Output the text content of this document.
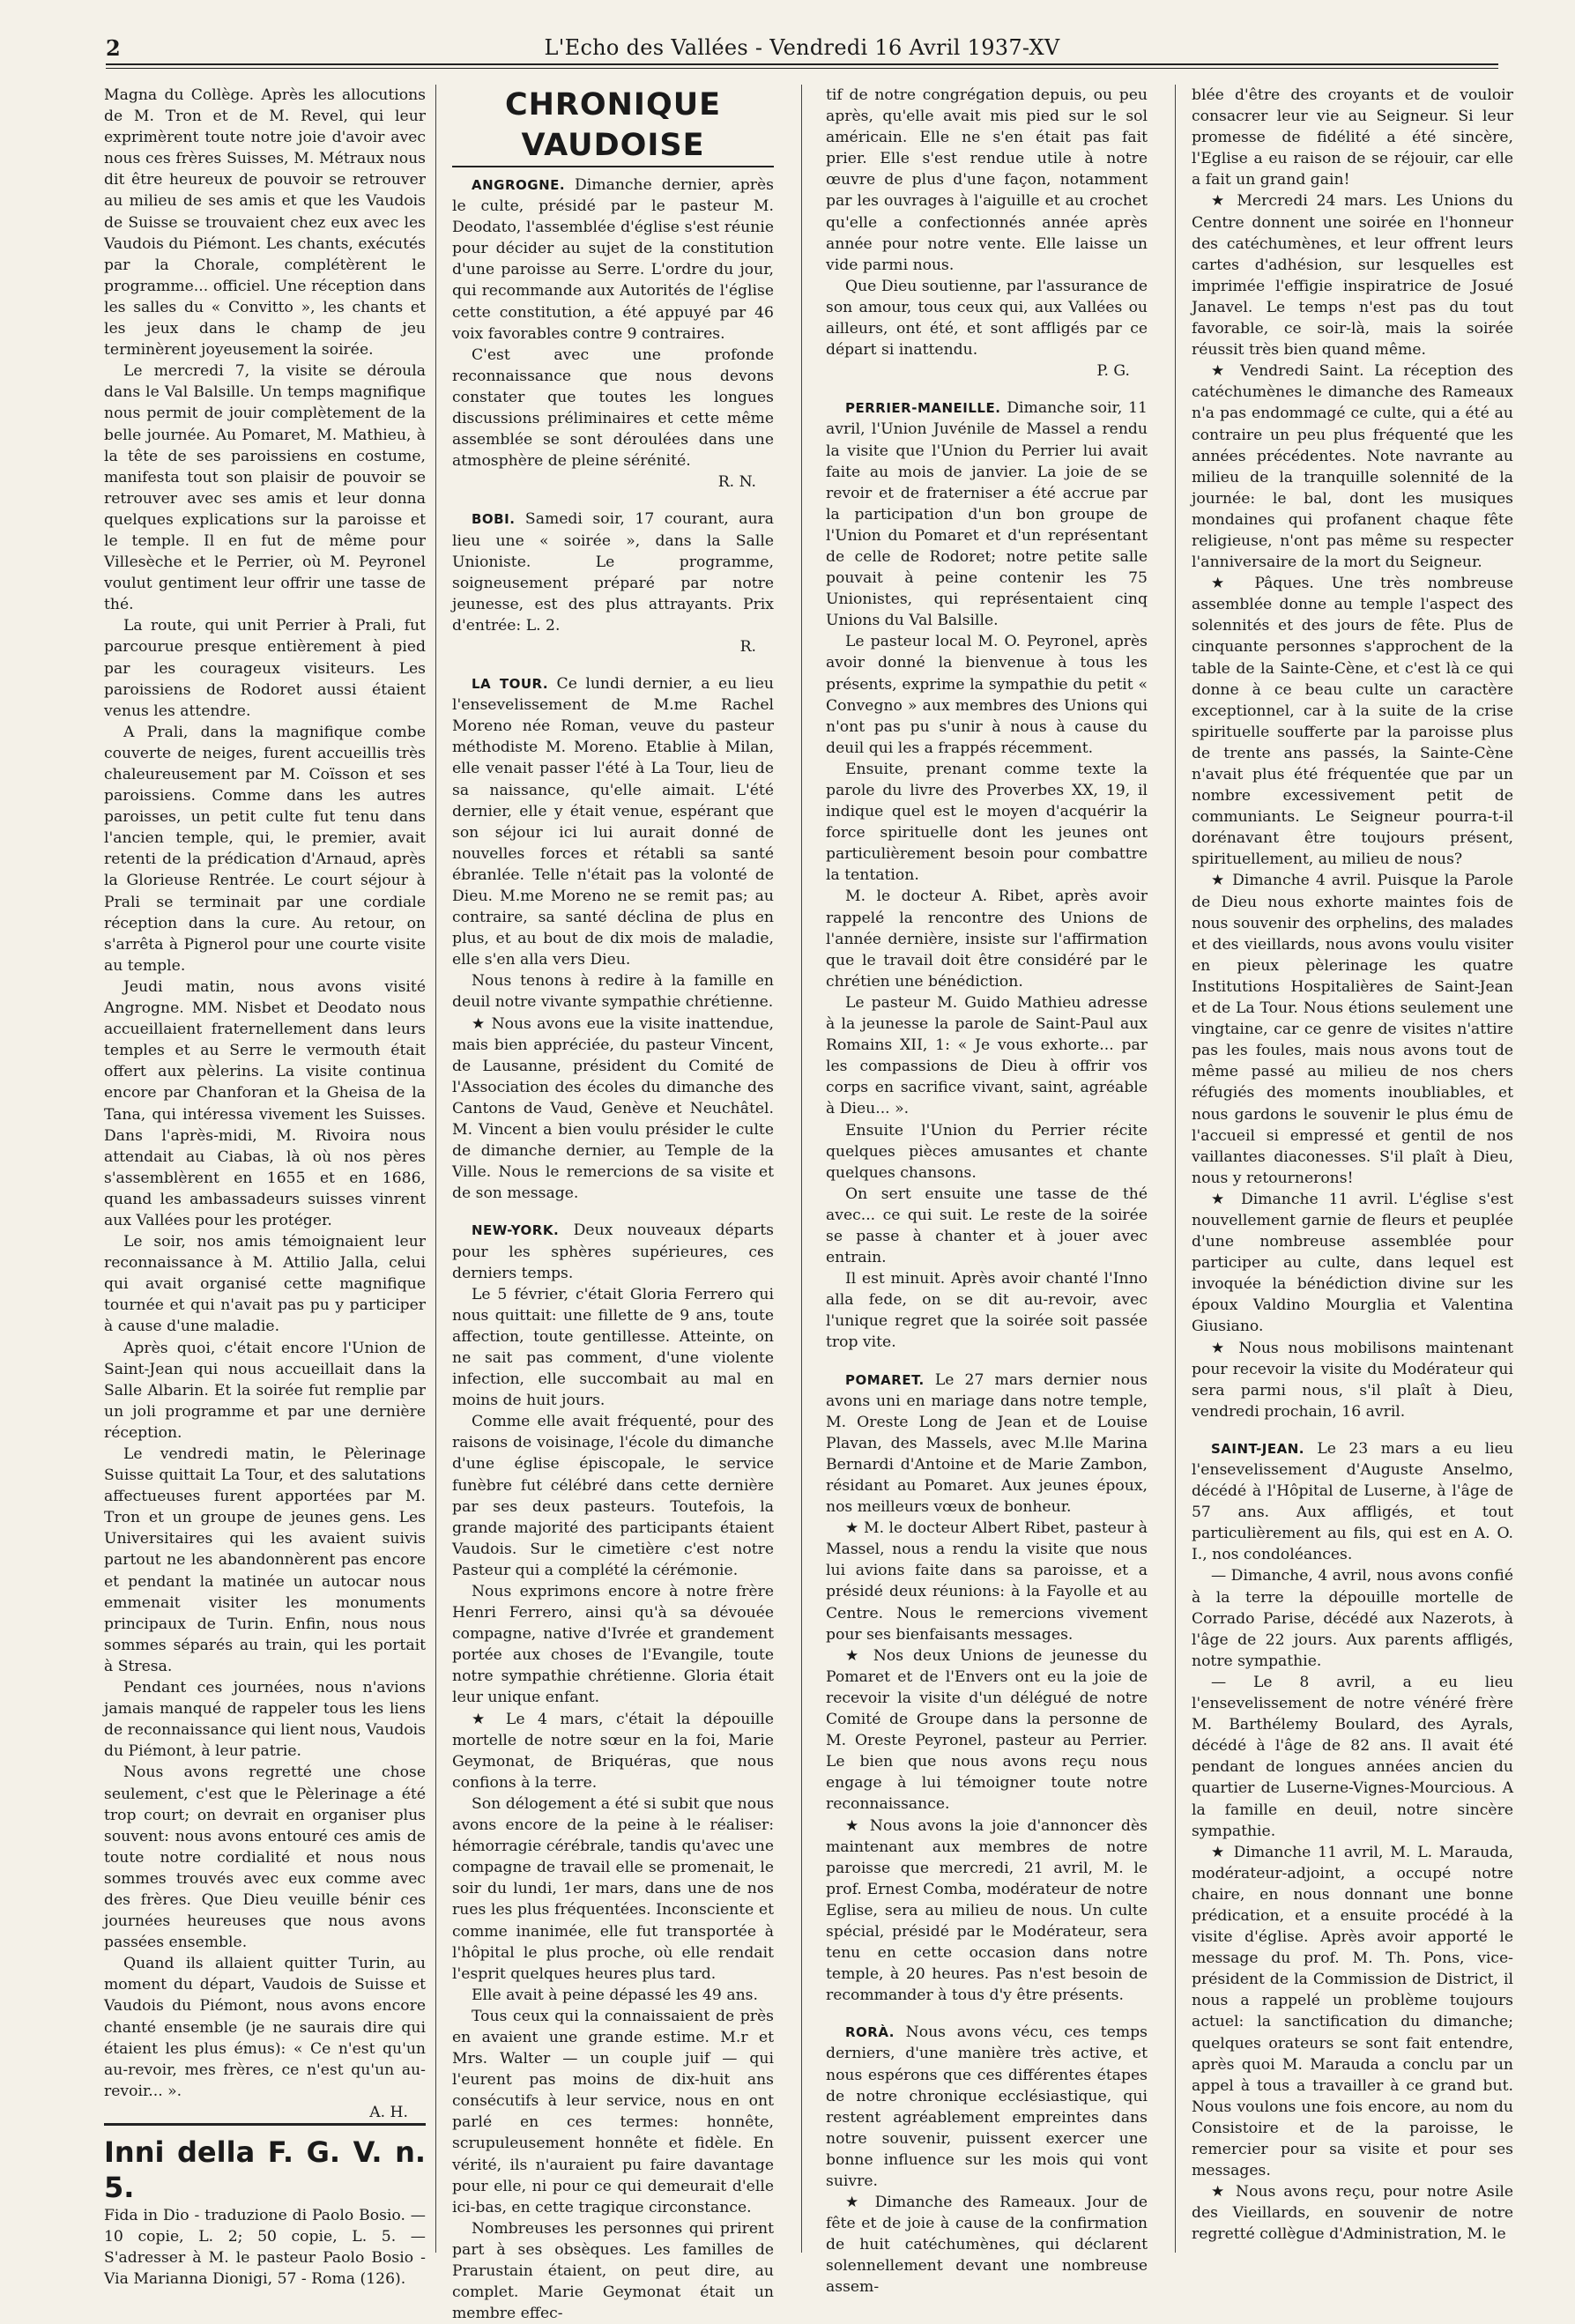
2	L'Echo des Vallées - Vendredi 16 Avril 1937-XV

Magna du Collège. Après les allocutions de M. Tron et de M. Revel, qui leur exprimèrent toute notre joie d'avoir avec nous ces frères Suisses, M. Métraux nous dit être heureux de pouvoir se retrouver au milieu de ses amis et que les Vaudois de Suisse se trouvaient chez eux avec les Vaudois du Piémont. Les chants, exécutés par la Chorale, complétèrent le programme... officiel. Une réception dans les salles du « Convitto », les chants et les jeux dans le champ de jeu terminèrent joyeusement la soirée.

Le mercredi 7, la visite se déroula dans le Val Balsille. Un temps magnifique nous permit de jouir complètement de la belle journée. Au Pomaret, M. Mathieu, à la tête de ses paroissiens en costume, manifesta tout son plaisir de pouvoir se retrouver avec ses amis et leur donna quelques explications sur la paroisse et le temple. Il en fut de même pour Villesèche et le Perrier, où M. Peyronel voulut gentiment leur offrir une tasse de thé.

La route, qui unit Perrier à Prali, fut parcourue presque entièrement à pied par les courageux visiteurs. Les paroissiens de Rodoret aussi étaient venus les attendre.

A Prali, dans la magnifique combe couverte de neiges, furent accueillis très chaleureusement par M. Coïsson et ses paroissiens. Comme dans les autres paroisses, un petit culte fut tenu dans l'ancien temple, qui, le premier, avait retenti de la prédication d'Arnaud, après la Glorieuse Rentrée. Le court séjour à Prali se terminait par une cordiale réception dans la cure. Au retour, on s'arrêta à Pignerol pour une courte visite au temple.

Jeudi matin, nous avons visité Angrogne. MM. Nisbet et Deodato nous accueillaient fraternellement dans leurs temples et au Serre le vermouth était offert aux pèlerins. La visite continua encore par Chanforan et la Gheisa de la Tana, qui intéressa vivement les Suisses. Dans l'après-midi, M. Rivoira nous attendait au Ciabas, là où nos pères s'assemblèrent en 1655 et en 1686, quand les ambassadeurs suisses vinrent aux Vallées pour les protéger.

Le soir, nos amis témoignaient leur reconnaissance à M. Attilio Jalla, celui qui avait organisé cette magnifique tournée et qui n'avait pas pu y participer à cause d'une maladie.

Après quoi, c'était encore l'Union de Saint-Jean qui nous accueillait dans la Salle Albarin. Et la soirée fut remplie par un joli programme et par une dernière réception.

Le vendredi matin, le Pèlerinage Suisse quittait La Tour, et des salutations affectueuses furent apportées par M. Tron et un groupe de jeunes gens. Les Universitaires qui les avaient suivis partout ne les abandonnèrent pas encore et pendant la matinée un autocar nous emmenait visiter les monuments principaux de Turin. Enfin, nous nous sommes séparés au train, qui les portait à Stresa.

Pendant ces journées, nous n'avions jamais manqué de rappeler tous les liens de reconnaissance qui lient nous, Vaudois du Piémont, à leur patrie.

Nous avons regretté une chose seulement, c'est que le Pèlerinage a été trop court; on devrait en organiser plus souvent: nous avons entouré ces amis de toute notre cordialité et nous nous sommes trouvés avec eux comme avec des frères. Que Dieu veuille bénir ces journées heureuses que nous avons passées ensemble.

Quand ils allaient quitter Turin, au moment du départ, Vaudois de Suisse et Vaudois du Piémont, nous avons encore chanté ensemble (je ne saurais dire qui étaient les plus émus): « Ce n'est qu'un au-revoir, mes frères, ce n'est qu'un au-revoir... ».

A. H.

Inni della F. G. V. n. 5.

Fida in Dio - traduzione di Paolo Bosio. — 10 copie, L. 2; 50 copie, L. 5. — S'adresser à M. le pasteur Paolo Bosio - Via Marianna Dionigi, 57 - Roma (126).

CHRONIQUE VAUDOISE

ANGROGNE. Dimanche dernier, après le culte, présidé par le pasteur M. Deodato, l'assemblée d'église s'est réunie pour décider au sujet de la constitution d'une paroisse au Serre. L'ordre du jour, qui recommande aux Autorités de l'église cette constitution, a été appuyé par 46 voix favorables contre 9 contraires.

C'est avec une profonde reconnaissance que nous devons constater que toutes les longues discussions préliminaires et cette même assemblée se sont déroulées dans une atmosphère de pleine sérénité.

R. N.

BOBI. Samedi soir, 17 courant, aura lieu une « soirée », dans la Salle Unioniste. Le programme, soigneusement préparé par notre jeunesse, est des plus attrayants. Prix d'entrée: L. 2.

R.

LA TOUR. Ce lundi dernier, a eu lieu l'ensevelissement de M.me Rachel Moreno née Roman, veuve du pasteur méthodiste M. Moreno. Etablie à Milan, elle venait passer l'été à La Tour, lieu de sa naissance, qu'elle aimait. L'été dernier, elle y était venue, espérant que son séjour ici lui aurait donné de nouvelles forces et rétabli sa santé ébranlée. Telle n'était pas la volonté de Dieu. M.me Moreno ne se remit pas; au contraire, sa santé déclina de plus en plus, et au bout de dix mois de maladie, elle s'en alla vers Dieu.

Nous tenons à redire à la famille en deuil notre vivante sympathie chrétienne.

★ Nous avons eue la visite inattendue, mais bien appréciée, du pasteur Vincent, de Lausanne, président du Comité de l'Association des écoles du dimanche des Cantons de Vaud, Genève et Neuchâtel. M. Vincent a bien voulu présider le culte de dimanche dernier, au Temple de la Ville. Nous le remercions de sa visite et de son message.

NEW-YORK. Deux nouveaux départs pour les sphères supérieures, ces derniers temps.

Le 5 février, c'était Gloria Ferrero qui nous quittait: une fillette de 9 ans, toute affection, toute gentillesse. Atteinte, on ne sait pas comment, d'une violente infection, elle succombait au mal en moins de huit jours.

Comme elle avait fréquenté, pour des raisons de voisinage, l'école du dimanche d'une église épiscopale, le service funèbre fut célébré dans cette dernière par ses deux pasteurs. Toutefois, la grande majorité des participants étaient Vaudois. Sur le cimetière c'est notre Pasteur qui a complété la cérémonie.

Nous exprimons encore à notre frère Henri Ferrero, ainsi qu'à sa dévouée compagne, native d'Ivrée et grandement portée aux choses de l'Evangile, toute notre sympathie chrétienne. Gloria était leur unique enfant.

★ Le 4 mars, c'était la dépouille mortelle de notre sœur en la foi, Marie Geymonat, de Briquéras, que nous confions à la terre.

Son délogement a été si subit que nous avons encore de la peine à le réaliser: hémorragie cérébrale, tandis qu'avec une compagne de travail elle se promenait, le soir du lundi, 1er mars, dans une de nos rues les plus fréquentées. Inconsciente et comme inanimée, elle fut transportée à l'hôpital le plus proche, où elle rendait l'esprit quelques heures plus tard.

Elle avait à peine dépassé les 49 ans.

Tous ceux qui la connaissaient de près en avaient une grande estime. M.r et Mrs. Walter — un couple juif — qui l'eurent pas moins de dix-huit ans consécutifs à leur service, nous en ont parlé en ces termes: honnête, scrupuleusement honnête et fidèle. En vérité, ils n'auraient pu faire davantage pour elle, ni pour ce qui demeurait d'elle ici-bas, en cette tragique circonstance.

Nombreuses les personnes qui prirent part à ses obsèques. Les familles de Prarustain étaient, on peut dire, au complet. Marie Geymonat était un membre effec-

tif de notre congrégation depuis, ou peu après, qu'elle avait mis pied sur le sol américain. Elle ne s'en était pas fait prier. Elle s'est rendue utile à notre œuvre de plus d'une façon, notamment par les ouvrages à l'aiguille et au crochet qu'elle a confectionnés année après année pour notre vente. Elle laisse un vide parmi nous.

Que Dieu soutienne, par l'assurance de son amour, tous ceux qui, aux Vallées ou ailleurs, ont été, et sont affligés par ce départ si inattendu.

P. G.

PERRIER-MANEILLE. Dimanche soir, 11 avril, l'Union Juvénile de Massel a rendu la visite que l'Union du Perrier lui avait faite au mois de janvier. La joie de se revoir et de fraterniser a été accrue par la participation d'un bon groupe de l'Union du Pomaret et d'un représentant de celle de Rodoret; notre petite salle pouvait à peine contenir les 75 Unionistes, qui représentaient cinq Unions du Val Balsille.

Le pasteur local M. O. Peyronel, après avoir donné la bienvenue à tous les présents, exprime la sympathie du petit « Convegno » aux membres des Unions qui n'ont pas pu s'unir à nous à cause du deuil qui les a frappés récemment.

Ensuite, prenant comme texte la parole du livre des Proverbes XX, 19, il indique quel est le moyen d'acquérir la force spirituelle dont les jeunes ont particulièrement besoin pour combattre la tentation.

M. le docteur A. Ribet, après avoir rappelé la rencontre des Unions de l'année dernière, insiste sur l'affirmation que le travail doit être considéré par le chrétien une bénédiction.

Le pasteur M. Guido Mathieu adresse à la jeunesse la parole de Saint-Paul aux Romains XII, 1: « Je vous exhorte... par les compassions de Dieu à offrir vos corps en sacrifice vivant, saint, agréable à Dieu... ».

Ensuite l'Union du Perrier récite quelques pièces amusantes et chante quelques chansons.

On sert ensuite une tasse de thé avec... ce qui suit. Le reste de la soirée se passe à chanter et à jouer avec entrain.

Il est minuit. Après avoir chanté l'Inno alla fede, on se dit au-revoir, avec l'unique regret que la soirée soit passée trop vite.

POMARET. Le 27 mars dernier nous avons uni en mariage dans notre temple, M. Oreste Long de Jean et de Louise Plavan, des Massels, avec M.lle Marina Bernardi d'Antoine et de Marie Zambon, résidant au Pomaret. Aux jeunes époux, nos meilleurs vœux de bonheur.

★ M. le docteur Albert Ribet, pasteur à Massel, nous a rendu la visite que nous lui avions faite dans sa paroisse, et a présidé deux réunions: à la Fayolle et au Centre. Nous le remercions vivement pour ses bienfaisants messages.

★ Nos deux Unions de jeunesse du Pomaret et de l'Envers ont eu la joie de recevoir la visite d'un délégué de notre Comité de Groupe dans la personne de M. Oreste Peyronel, pasteur au Perrier. Le bien que nous avons reçu nous engage à lui témoigner toute notre reconnaissance.

★ Nous avons la joie d'annoncer dès maintenant aux membres de notre paroisse que mercredi, 21 avril, M. le prof. Ernest Comba, modérateur de notre Eglise, sera au milieu de nous. Un culte spécial, présidé par le Modérateur, sera tenu en cette occasion dans notre temple, à 20 heures. Pas n'est besoin de recommander à tous d'y être présents.

RORÀ. Nous avons vécu, ces temps derniers, d'une manière très active, et nous espérons que ces différentes étapes de notre chronique ecclésiastique, qui restent agréablement empreintes dans notre souvenir, puissent exercer une bonne influence sur les mois qui vont suivre.

★ Dimanche des Rameaux. Jour de fête et de joie à cause de la confirmation de huit catéchumènes, qui déclarent solennellement devant une nombreuse assem-

blée d'être des croyants et de vouloir consacrer leur vie au Seigneur. Si leur promesse de fidélité a été sincère, l'Eglise a eu raison de se réjouir, car elle a fait un grand gain!

★ Mercredi 24 mars. Les Unions du Centre donnent une soirée en l'honneur des catéchumènes, et leur offrent leurs cartes d'adhésion, sur lesquelles est imprimée l'effigie inspiratrice de Josué Janavel. Le temps n'est pas du tout favorable, ce soir-là, mais la soirée réussit très bien quand même.

★ Vendredi Saint. La réception des catéchumènes le dimanche des Rameaux n'a pas endommagé ce culte, qui a été au contraire un peu plus fréquenté que les années précédentes. Note navrante au milieu de la tranquille solennité de la journée: le bal, dont les musiques mondaines qui profanent chaque fête religieuse, n'ont pas même su respecter l'anniversaire de la mort du Seigneur.

★ Pâques. Une très nombreuse assemblée donne au temple l'aspect des solennités et des jours de fête. Plus de cinquante personnes s'approchent de la table de la Sainte-Cène, et c'est là ce qui donne à ce beau culte un caractère exceptionnel, car à la suite de la crise spirituelle soufferte par la paroisse plus de trente ans passés, la Sainte-Cène n'avait plus été fréquentée que par un nombre excessivement petit de communiants. Le Seigneur pourra-t-il dorénavant être toujours présent, spirituellement, au milieu de nous?

★ Dimanche 4 avril. Puisque la Parole de Dieu nous exhorte maintes fois de nous souvenir des orphelins, des malades et des vieillards, nous avons voulu visiter en pieux pèlerinage les quatre Institutions Hospitalières de Saint-Jean et de La Tour. Nous étions seulement une vingtaine, car ce genre de visites n'attire pas les foules, mais nous avons tout de même passé au milieu de nos chers réfugiés des moments inoubliables, et nous gardons le souvenir le plus ému de l'accueil si empressé et gentil de nos vaillantes diaconesses. S'il plaît à Dieu, nous y retournerons!

★ Dimanche 11 avril. L'église s'est nouvellement garnie de fleurs et peuplée d'une nombreuse assemblée pour participer au culte, dans lequel est invoquée la bénédiction divine sur les époux Valdino Mourglia et Valentina Giusiano.

★ Nous nous mobilisons maintenant pour recevoir la visite du Modérateur qui sera parmi nous, s'il plaît à Dieu, vendredi prochain, 16 avril.

SAINT-JEAN. Le 23 mars a eu lieu l'ensevelissement d'Auguste Anselmo, décédé à l'Hôpital de Luserne, à l'âge de 57 ans. Aux affligés, et tout particulièrement au fils, qui est en A. O. I., nos condoléances.

— Dimanche, 4 avril, nous avons confié à la terre la dépouille mortelle de Corrado Parise, décédé aux Nazerots, à l'âge de 22 jours. Aux parents affligés, notre sympathie.

— Le 8 avril, a eu lieu l'ensevelissement de notre vénéré frère M. Barthélemy Boulard, des Ayrals, décédé à l'âge de 82 ans. Il avait été pendant de longues années ancien du quartier de Luserne-Vignes-Mourcious. A la famille en deuil, notre sincère sympathie.

★ Dimanche 11 avril, M. L. Marauda, modérateur-adjoint, a occupé notre chaire, en nous donnant une bonne prédication, et a ensuite procédé à la visite d'église. Après avoir apporté le message du prof. M. Th. Pons, vice-président de la Commission de District, il nous a rappelé un problème toujours actuel: la sanctification du dimanche; quelques orateurs se sont fait entendre, après quoi M. Marauda a conclu par un appel à tous a travailler à ce grand but. Nous voulons une fois encore, au nom du Consistoire et de la paroisse, le remercier pour sa visite et pour ses messages.

★ Nous avons reçu, pour notre Asile des Vieillards, en souvenir de notre regretté collègue d'Administration, M. le
